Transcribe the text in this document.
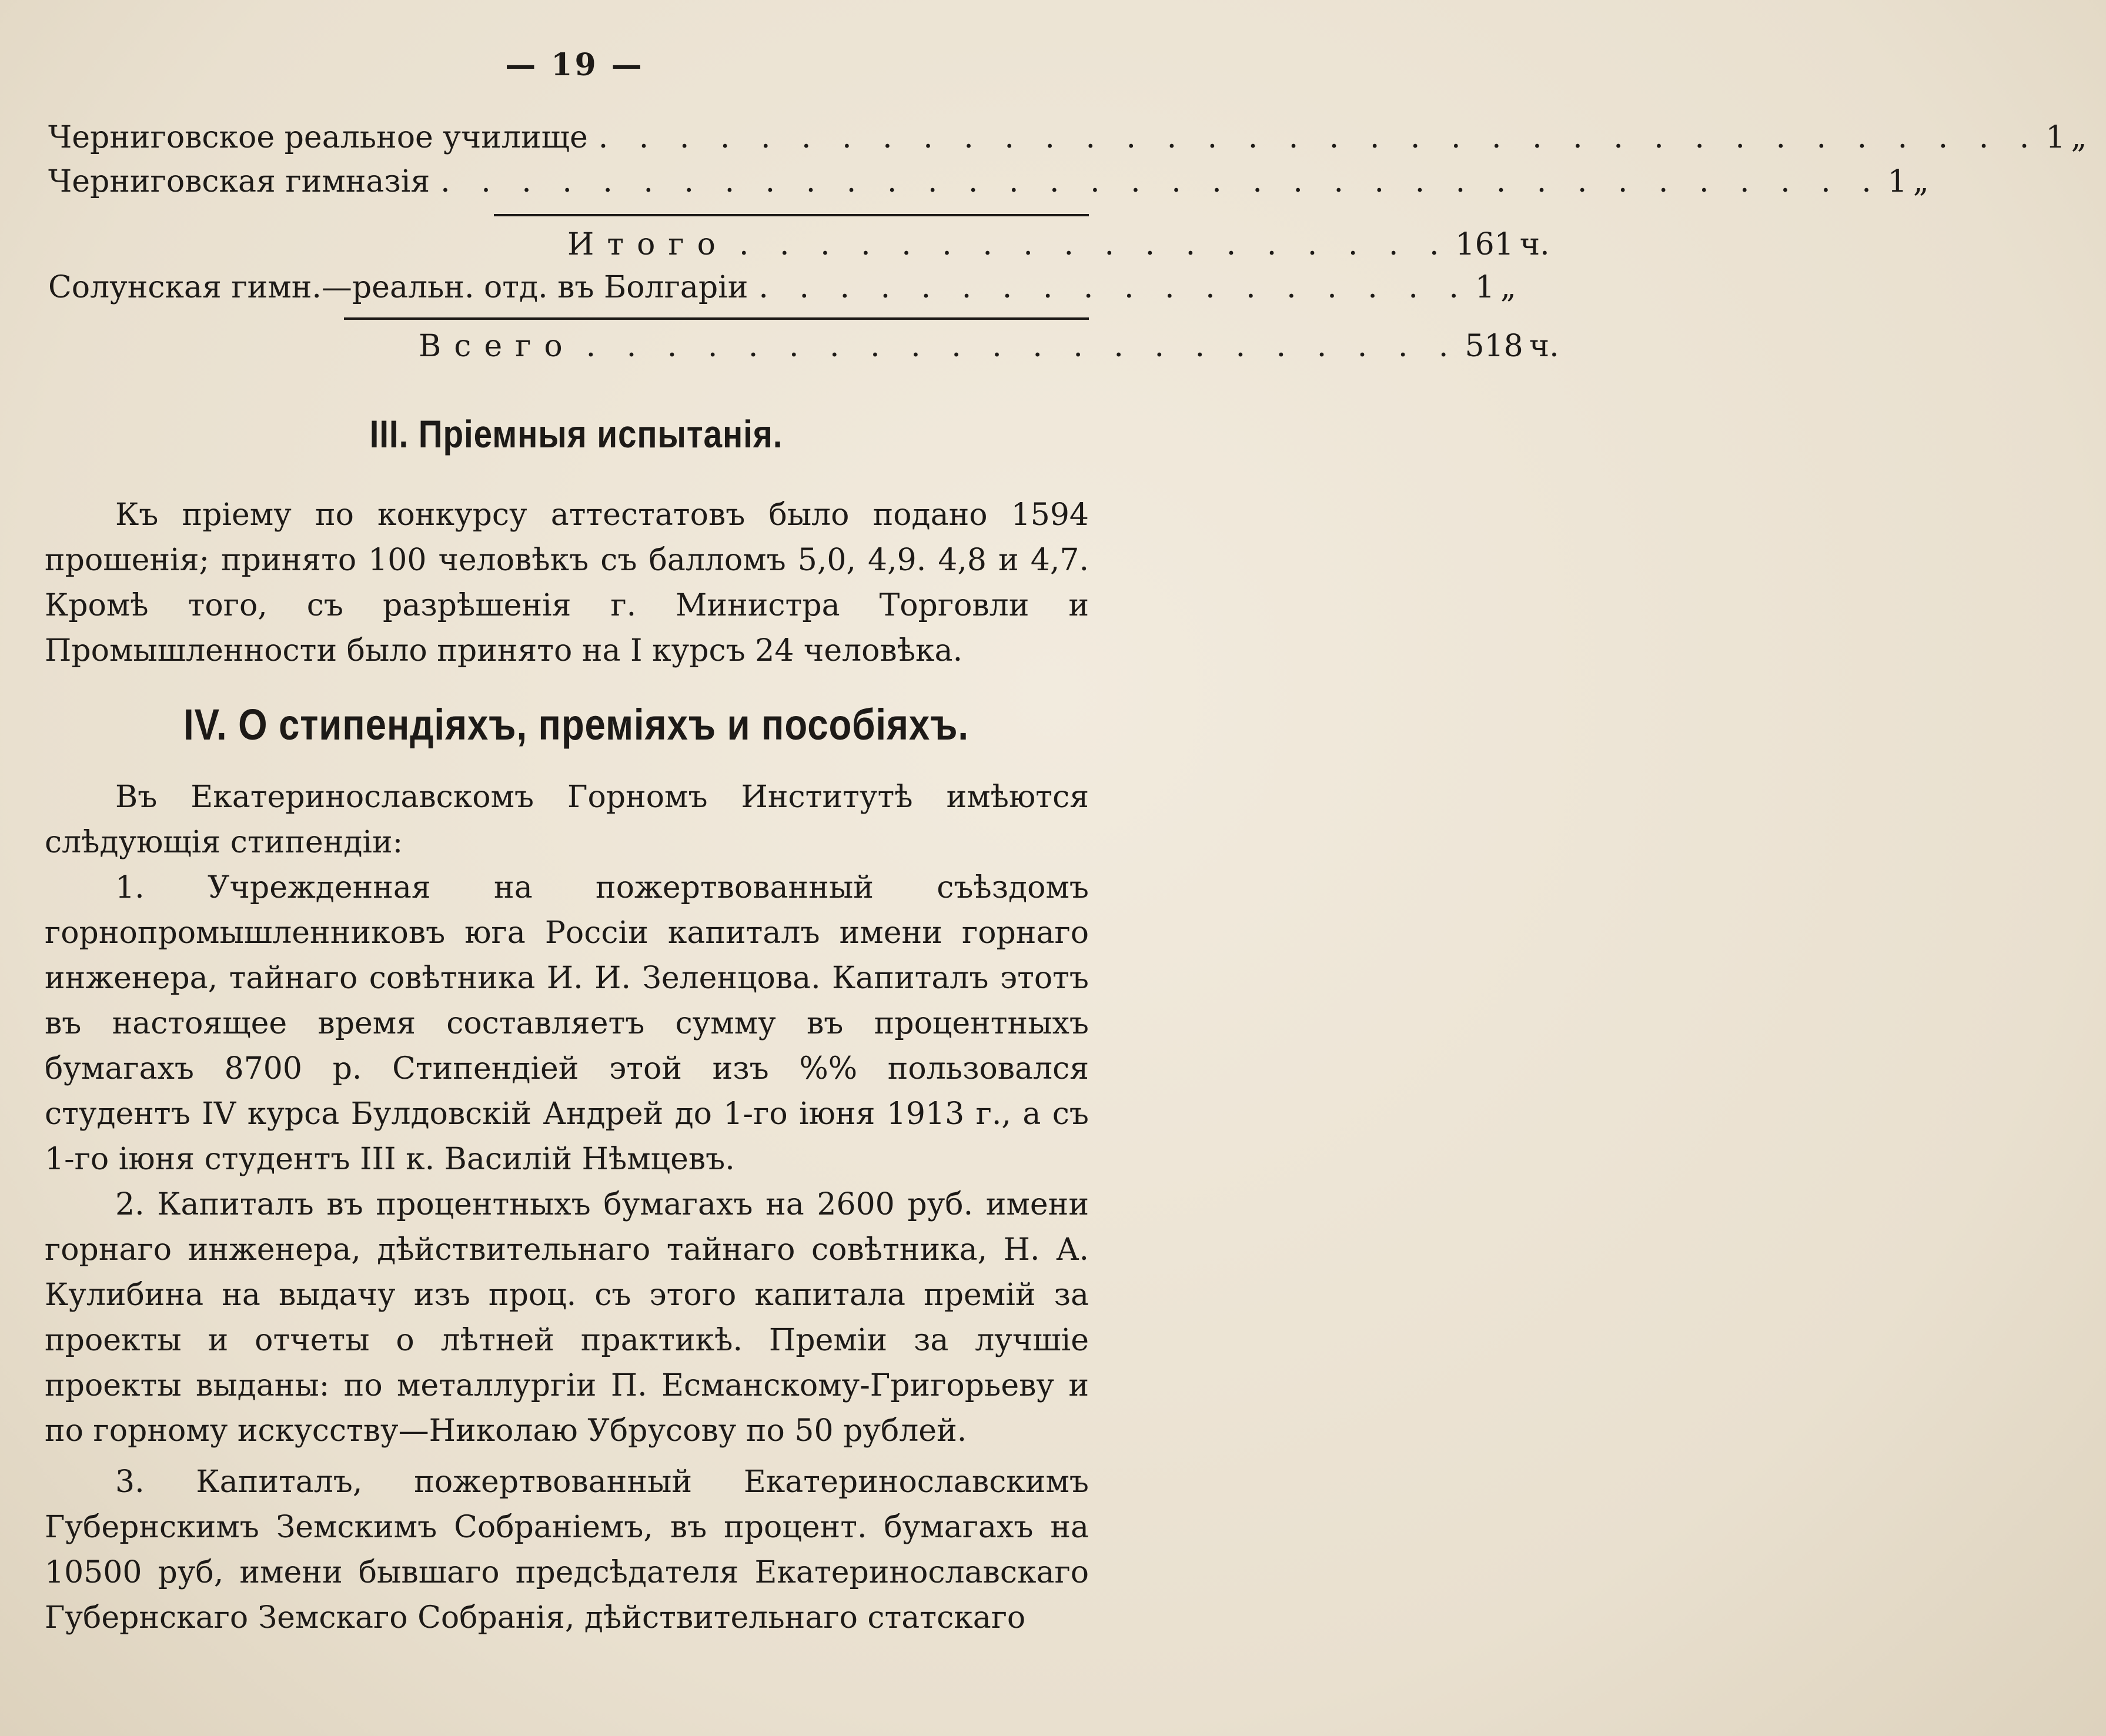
— 19 —
Черниговское реальное училище . . . . . . . . . . . . . . . . . . . . . . . . . . . . . . . . . . . . 1 „
Черниговская гимназія . . . . . . . . . . . . . . . . . . . . . . . . . . . . . . . . . . . . 1 „
Итого . . . . . . . . . . . . . . . . . . 161 ч.
Солунская гимн.—реальн. отд. въ Болгаріи . . . . . . . . . . . . . . . . . . 1 „
Всего . . . . . . . . . . . . . . . . . . . . . . 518 ч.
III. Пріемныя испытанія.

Къ пріему по конкурсу аттестатовъ было подано 1594 прошенія; принято 100 человѣкъ съ балломъ 5,0, 4,9. 4,8 и 4,7. Кромѣ того, съ разрѣшенія г. Министра Торговли и Промышленности было принято на I курсъ 24 человѣка.

IV. О стипендіяхъ, преміяхъ и пособіяхъ.

Въ Екатеринославскомъ Горномъ Институтѣ имѣются слѣдующія стипендіи:

1. Учрежденная на пожертвованный съѣздомъ горнопромышленниковъ юга Россіи капиталъ имени горнаго инженера, тайнаго совѣтника И. И. Зеленцова. Капиталъ этотъ въ настоящее время составляетъ сумму въ процентныхъ бумагахъ 8700 р. Стипендіей этой изъ %% пользовался студентъ IV курса Булдовскій Андрей до 1-го іюня 1913 г., а съ 1-го іюня студентъ III к. Василій Нѣмцевъ.

2. Капиталъ въ процентныхъ бумагахъ на 2600 руб. имени горнаго инженера, дѣйствительнаго тайнаго совѣтника, Н. А. Кулибина на выдачу изъ проц. съ этого капитала премій за проекты и отчеты о лѣтней практикѣ. Преміи за лучшіе проекты выданы: по металлургіи П. Есманскому-Григорьеву и по горному искусству—Николаю Убрусову по 50 рублей.

3. Капиталъ, пожертвованный Екатеринославскимъ Губернскимъ Земскимъ Собраніемъ, въ процент. бумагахъ на 10500 руб, имени бывшаго предсѣдателя Екатеринославскаго Губернскаго Земскаго Собранія, дѣйствительнаго статскаго
